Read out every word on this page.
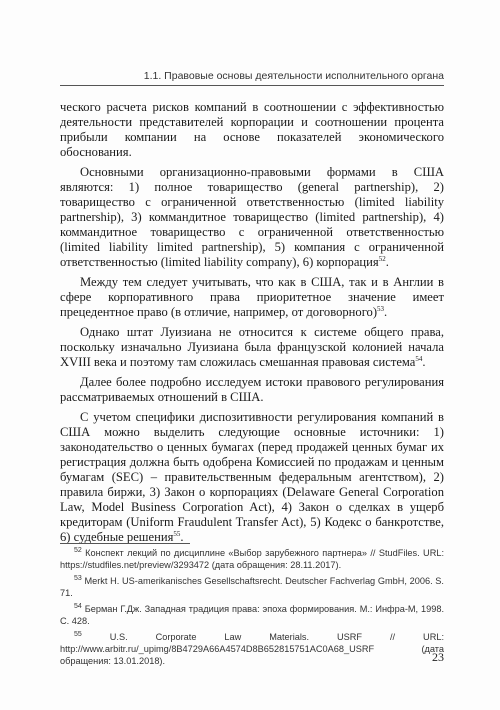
1.1. Правовые основы деятельности исполнительного органа

ческого расчета рисков компаний в соотношении с эффективностью деятельности представителей корпорации и соотношении процента прибыли компании на основе показателей экономического обоснования.

Основными организационно-правовыми формами в США являются: 1) полное товарищество (general partnership), 2) товарищество с ограниченной ответственностью (limited liability partnership), 3) коммандитное товарищество (limited partnership), 4) коммандитное товарищество с ограниченной ответственностью (limited liability limited partnership), 5) компания с ограниченной ответственностью (limited liability company), 6) корпорация$^{52}$.

Между тем следует учитывать, что как в США, так и в Англии в сфере корпоративного права приоритетное значение имеет прецедентное право (в отличие, например, от договорного)$^{53}$.

Однако штат Луизиана не относится к системе общего права, поскольку изначально Луизиана была французской колонией начала XVIII века и поэтому там сложилась смешанная правовая система$^{54}$.

Далее более подробно исследуем истоки правового регулирования рассматриваемых отношений в США.

С учетом специфики диспозитивности регулирования компаний в США можно выделить следующие основные источники: 1) законодательство о ценных бумагах (перед продажей ценных бумаг их регистрация должна быть одобрена Комиссией по продажам и ценным бумагам (SEC) – правительственным федеральным агентством), 2) правила биржи, 3) Закон о корпорациях (Delaware General Corporation Law, Model Business Corporation Act), 4) Закон о сделках в ущерб кредиторам (Uniform Fraudulent Transfer Act), 5) Кодекс о банкротстве, 6) судебные решения$^{55}$.

$^{52}$ Конспект лекций по дисциплине «Выбор зарубежного партнера» // StudFiles. URL: https://studfiles.net/preview/3293472 (дата обращения: 28.11.2017).

$^{53}$ Merkt H. US-amerikanisches Gesellschaftsrecht. Deutscher Fachverlag GmbH, 2006. S. 71.

$^{54}$ Берман Г.Дж. Западная традиция права: эпоха формирования. М.: Инфра-М, 1998. С. 428.

$^{55}$	U.S. Corporate Law Materials. USRF // URL: http://www.arbitr.ru/_upimg/8B4729A66A4574D8B652815751AC0A68_USRF (дата обращения: 13.01.2018).	23
